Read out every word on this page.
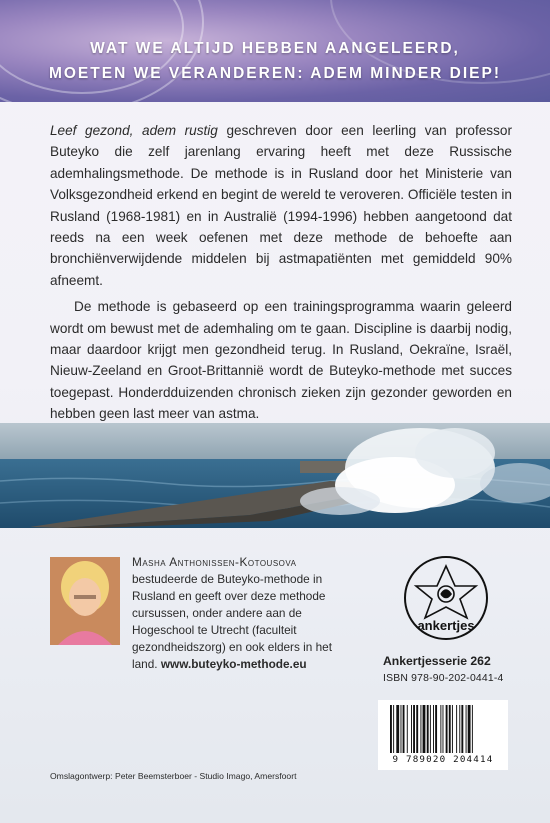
WAT WE ALTIJD HEBBEN AANGELEERD,
MOETEN WE VERANDEREN: ADEM MINDER DIEP!

Leef gezond, adem rustig geschreven door een leerling van professor Buteyko die zelf jarenlang ervaring heeft met deze Russische ademhalingsmethode. De methode is in Rusland door het Ministerie van Volksgezondheid erkend en begint de wereld te veroveren. Officiële testen in Rusland (1968-1981) en in Australië (1994-1996) hebben aangetoond dat reeds na een week oefenen met deze methode de behoefte aan bronchiënverwijdende middelen bij astmapatiënten met gemiddeld 90% afneemt.

De methode is gebaseerd op een trainingsprogramma waarin geleerd wordt om bewust met de ademhaling om te gaan. Discipline is daarbij nodig, maar daardoor krijgt men gezondheid terug. In Rusland, Oekraïne, Israël, Nieuw-Zeeland en Groot-Brittannië wordt de Buteyko-methode met succes toegepast. Honderdduizenden chronisch zieken zijn gezonder geworden en hebben geen last meer van astma.

Masha Anthonissen-Kotousova bestudeerde de Buteyko-methode in Rusland en geeft over deze methode cursussen, onder andere aan de Hogeschool te Utrecht (faculteit gezondheidszorg) en ook elders in het land. www.buteyko-methode.eu
ankertjes
Ankertjesserie 262
ISBN 978-90-202-0441-4
9 789020 204414
Omslagontwerp: Peter Beemsterboer - Studio Imago, Amersfoort
